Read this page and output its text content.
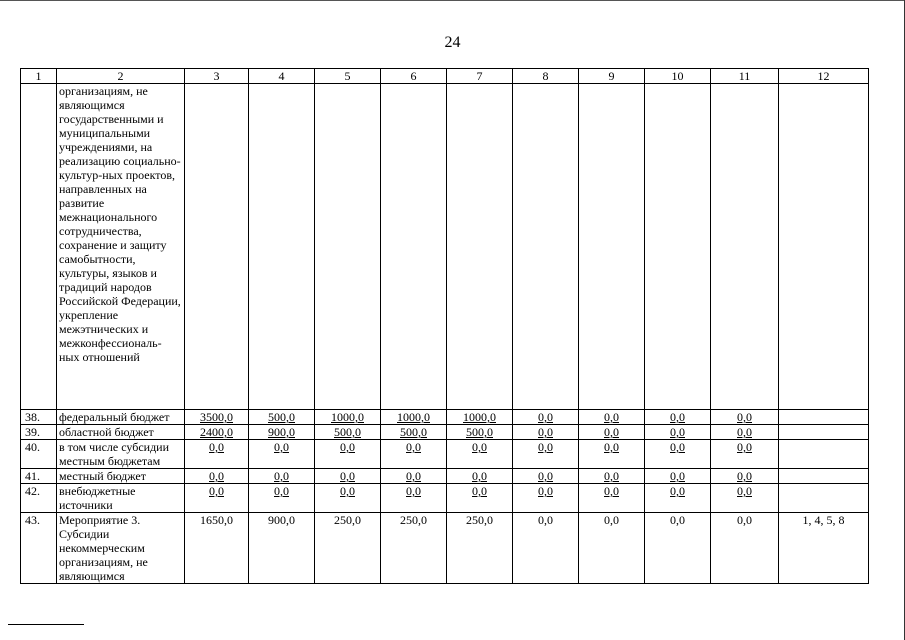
24
1	2	3	4	5	6	7	8	9	10	11	12
	организациям, не являющимся государственными и муниципальными учреждениями, на реализацию социально-культур-ных проектов, направленных на развитие межнационального сотрудничества, сохранение и защиту самобытности, культуры, языков и традиций народов Российской Федерации, укрепление межэтнических и межконфессиональ-ных отношений										
38.	федеральный бюджет	3500,0	500,0	1000,0	1000,0	1000,0	0,0	0,0	0,0	0,0	
39.	областной бюджет	2400,0	900,0	500,0	500,0	500,0	0,0	0,0	0,0	0,0	
40.	в том числе субсидии местным бюджетам	0,0	0,0	0,0	0,0	0,0	0,0	0,0	0,0	0,0	
41.	местный бюджет	0,0	0,0	0,0	0,0	0,0	0,0	0,0	0,0	0,0	
42.	внебюджетные источники	0,0	0,0	0,0	0,0	0,0	0,0	0,0	0,0	0,0	
43.	Мероприятие 3. Субсидии некоммерческим организациям, не являющимся	1650,0	900,0	250,0	250,0	250,0	0,0	0,0	0,0	0,0	1, 4, 5, 8
